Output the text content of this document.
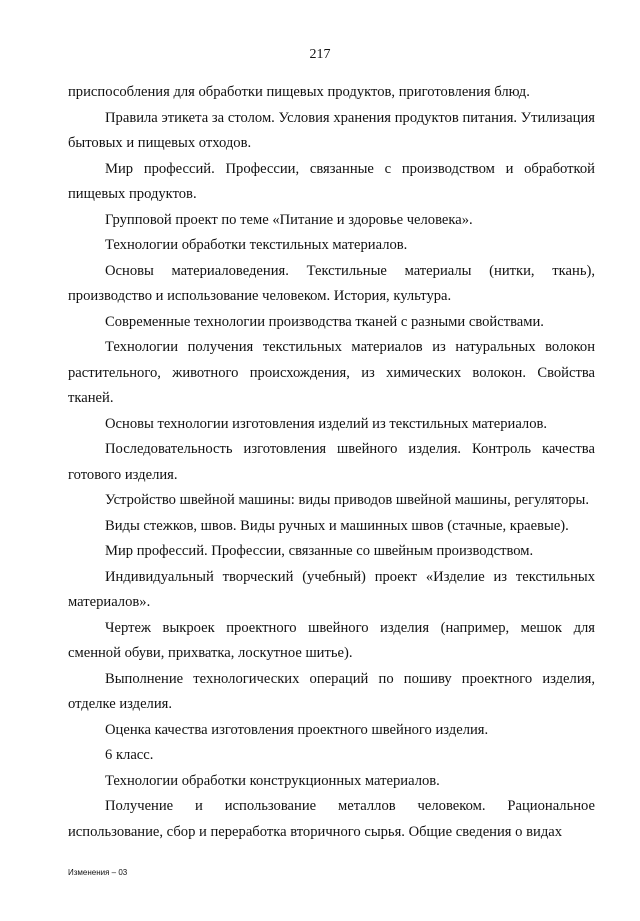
217

приспособления для обработки пищевых продуктов, приготовления блюд.

Правила этикета за столом. Условия хранения продуктов питания. Утилизация бытовых и пищевых отходов.

Мир профессий. Профессии, связанные с производством и обработкой пищевых продуктов.

Групповой проект по теме «Питание и здоровье человека».

Технологии обработки текстильных материалов.

Основы материаловедения. Текстильные материалы (нитки, ткань), производство и использование человеком. История, культура.

Современные технологии производства тканей с разными свойствами.

Технологии получения текстильных материалов из натуральных волокон растительного, животного происхождения, из химических волокон. Свойства тканей.

Основы технологии изготовления изделий из текстильных материалов.

Последовательность изготовления швейного изделия. Контроль качества готового изделия.

Устройство швейной машины: виды приводов швейной машины, регуляторы.

Виды стежков, швов. Виды ручных и машинных швов (стачные, краевые).

Мир профессий. Профессии, связанные со швейным производством.

Индивидуальный творческий (учебный) проект «Изделие из текстильных материалов».

Чертеж выкроек проектного швейного изделия (например, мешок для сменной обуви, прихватка, лоскутное шитье).

Выполнение технологических операций по пошиву проектного изделия, отделке изделия.

Оценка качества изготовления проектного швейного изделия.

6 класс.

Технологии обработки конструкционных материалов.

Получение и использование металлов человеком. Рациональное использование, сбор и переработка вторичного сырья. Общие сведения о видах

Изменения – 03
